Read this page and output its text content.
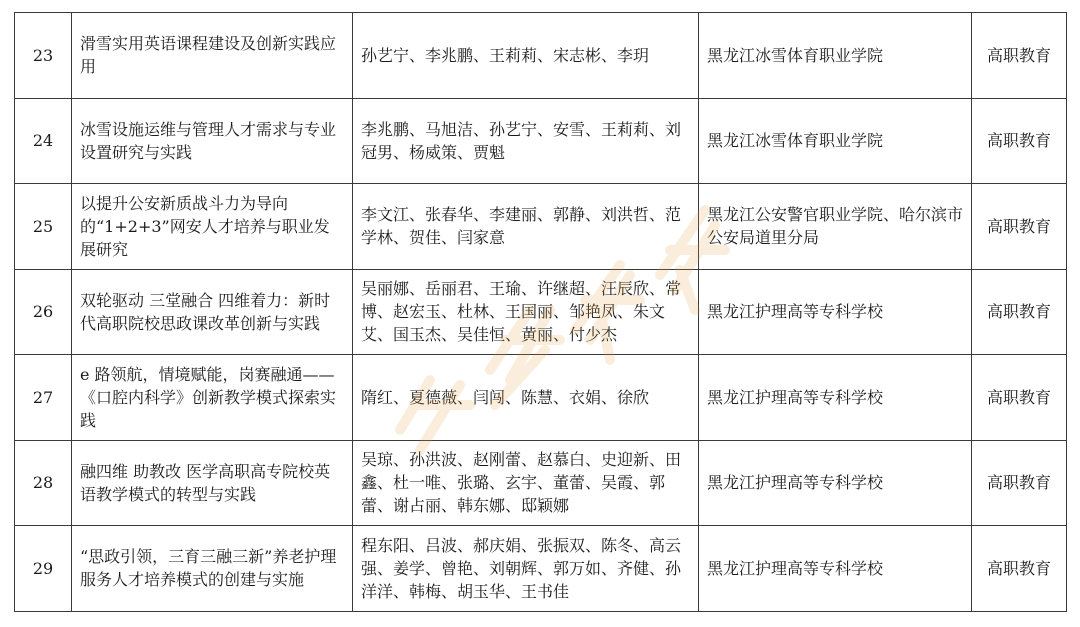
23	滑雪实用英语课程建设及创新实践应用	孙艺宁、李兆鹏、王莉莉、宋志彬、李玥	黑龙江冰雪体育职业学院	高职教育
24	冰雪设施运维与管理人才需求与专业设置研究与实践	李兆鹏、马旭洁、孙艺宁、安雪、王莉莉、刘冠男、杨威策、贾魁	黑龙江冰雪体育职业学院	高职教育
25	以提升公安新质战斗力为导向的“1+2+3”网安人才培养与职业发展研究	李文江、张春华、李建丽、郭静、刘洪哲、范学林、贺佳、闫家意	黑龙江公安警官职业学院、哈尔滨市公安局道里分局	高职教育
26	双轮驱动 三堂融合 四维着力：新时代高职院校思政课改革创新与实践	吴丽娜、岳丽君、王瑜、许继超、汪辰欣、常博、赵宏玉、杜林、王国丽、邹艳凤、朱文艾、国玉杰、吴佳恒、黄丽、付少杰	黑龙江护理高等专科学校	高职教育
27	e 路领航，情境赋能，岗赛融通——《口腔内科学》创新教学模式探索实践	隋红、夏德薇、闫闯、陈慧、衣娟、徐欣	黑龙江护理高等专科学校	高职教育
28	融四维 助教改 医学高职高专院校英语教学模式的转型与实践	吴琼、孙洪波、赵刚蕾、赵慕白、史迎新、田鑫、杜一唯、张璐、玄宇、董蕾、吴霞、郭蕾、谢占丽、韩东娜、邸颖娜	黑龙江护理高等专科学校	高职教育
29	“思政引领，三育三融三新”养老护理服务人才培养模式的创建与实施	程东阳、吕波、郝庆娟、张振双、陈冬、高云强、姜学、曾艳、刘朝辉、郭万如、齐健、孙洋洋、韩梅、胡玉华、王书佳	黑龙江护理高等专科学校	高职教育
